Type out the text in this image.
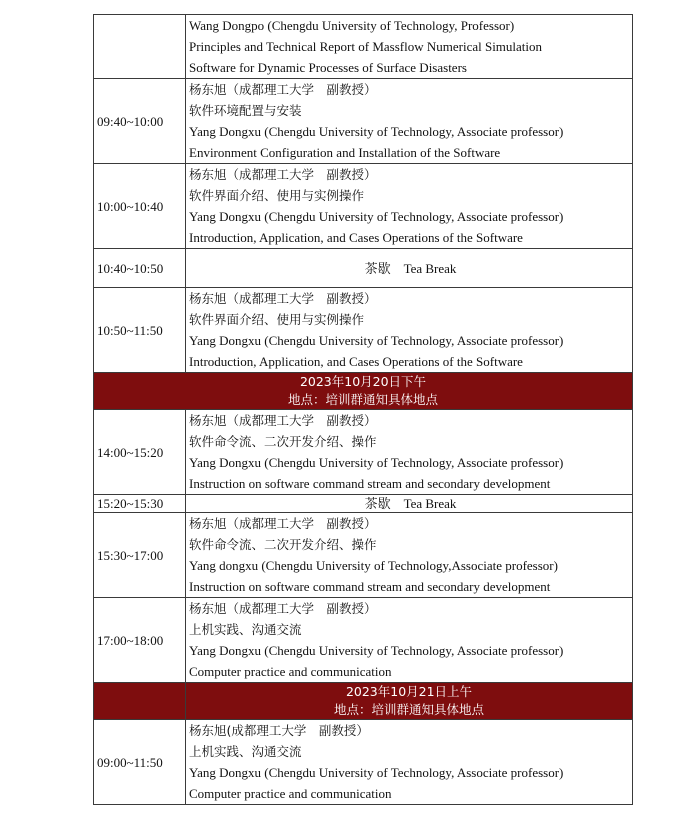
	Wang Dongpo (Chengdu University of Technology, Professor)
Principles and Technical Report of Massflow Numerical Simulation
Software for Dynamic Processes of Surface Disasters

09:40~10:00	杨东旭（成都理工大学　副教授）
软件环境配置与安装
Yang Dongxu (Chengdu University of Technology, Associate professor)
Environment Configuration and Installation of the Software

10:00~10:40	杨东旭（成都理工大学　副教授）
软件界面介绍、使用与实例操作
Yang Dongxu (Chengdu University of Technology, Associate professor)
Introduction, Application, and Cases Operations of the Software

10:40~10:50	茶歇　Tea Break
10:50~11:50	杨东旭（成都理工大学　副教授）
软件界面介绍、使用与实例操作
Yang Dongxu (Chengdu University of Technology, Associate professor)
Introduction, Application, and Cases Operations of the Software

2023年10月20日下午
地点：培训群通知具体地点	

14:00~15:20	杨东旭（成都理工大学　副教授）
软件命令流、二次开发介绍、操作
Yang Dongxu (Chengdu University of Technology, Associate professor)
Instruction on software command stream and secondary development

15:20~15:30	茶歇　Tea Break
15:30~17:00	杨东旭（成都理工大学　副教授）
软件命令流、二次开发介绍、操作
Yang dongxu (Chengdu University of Technology,Associate professor)
Instruction on software command stream and secondary development

17:00~18:00	杨东旭（成都理工大学　副教授）
上机实践、沟通交流
Yang Dongxu (Chengdu University of Technology, Associate professor)
Computer practice and communication

	2023年10月21日上午
地点：培训群通知具体地点

09:00~11:50	杨东旭(成都理工大学　副教授）
上机实践、沟通交流
Yang Dongxu (Chengdu University of Technology, Associate professor)
Computer practice and communication
